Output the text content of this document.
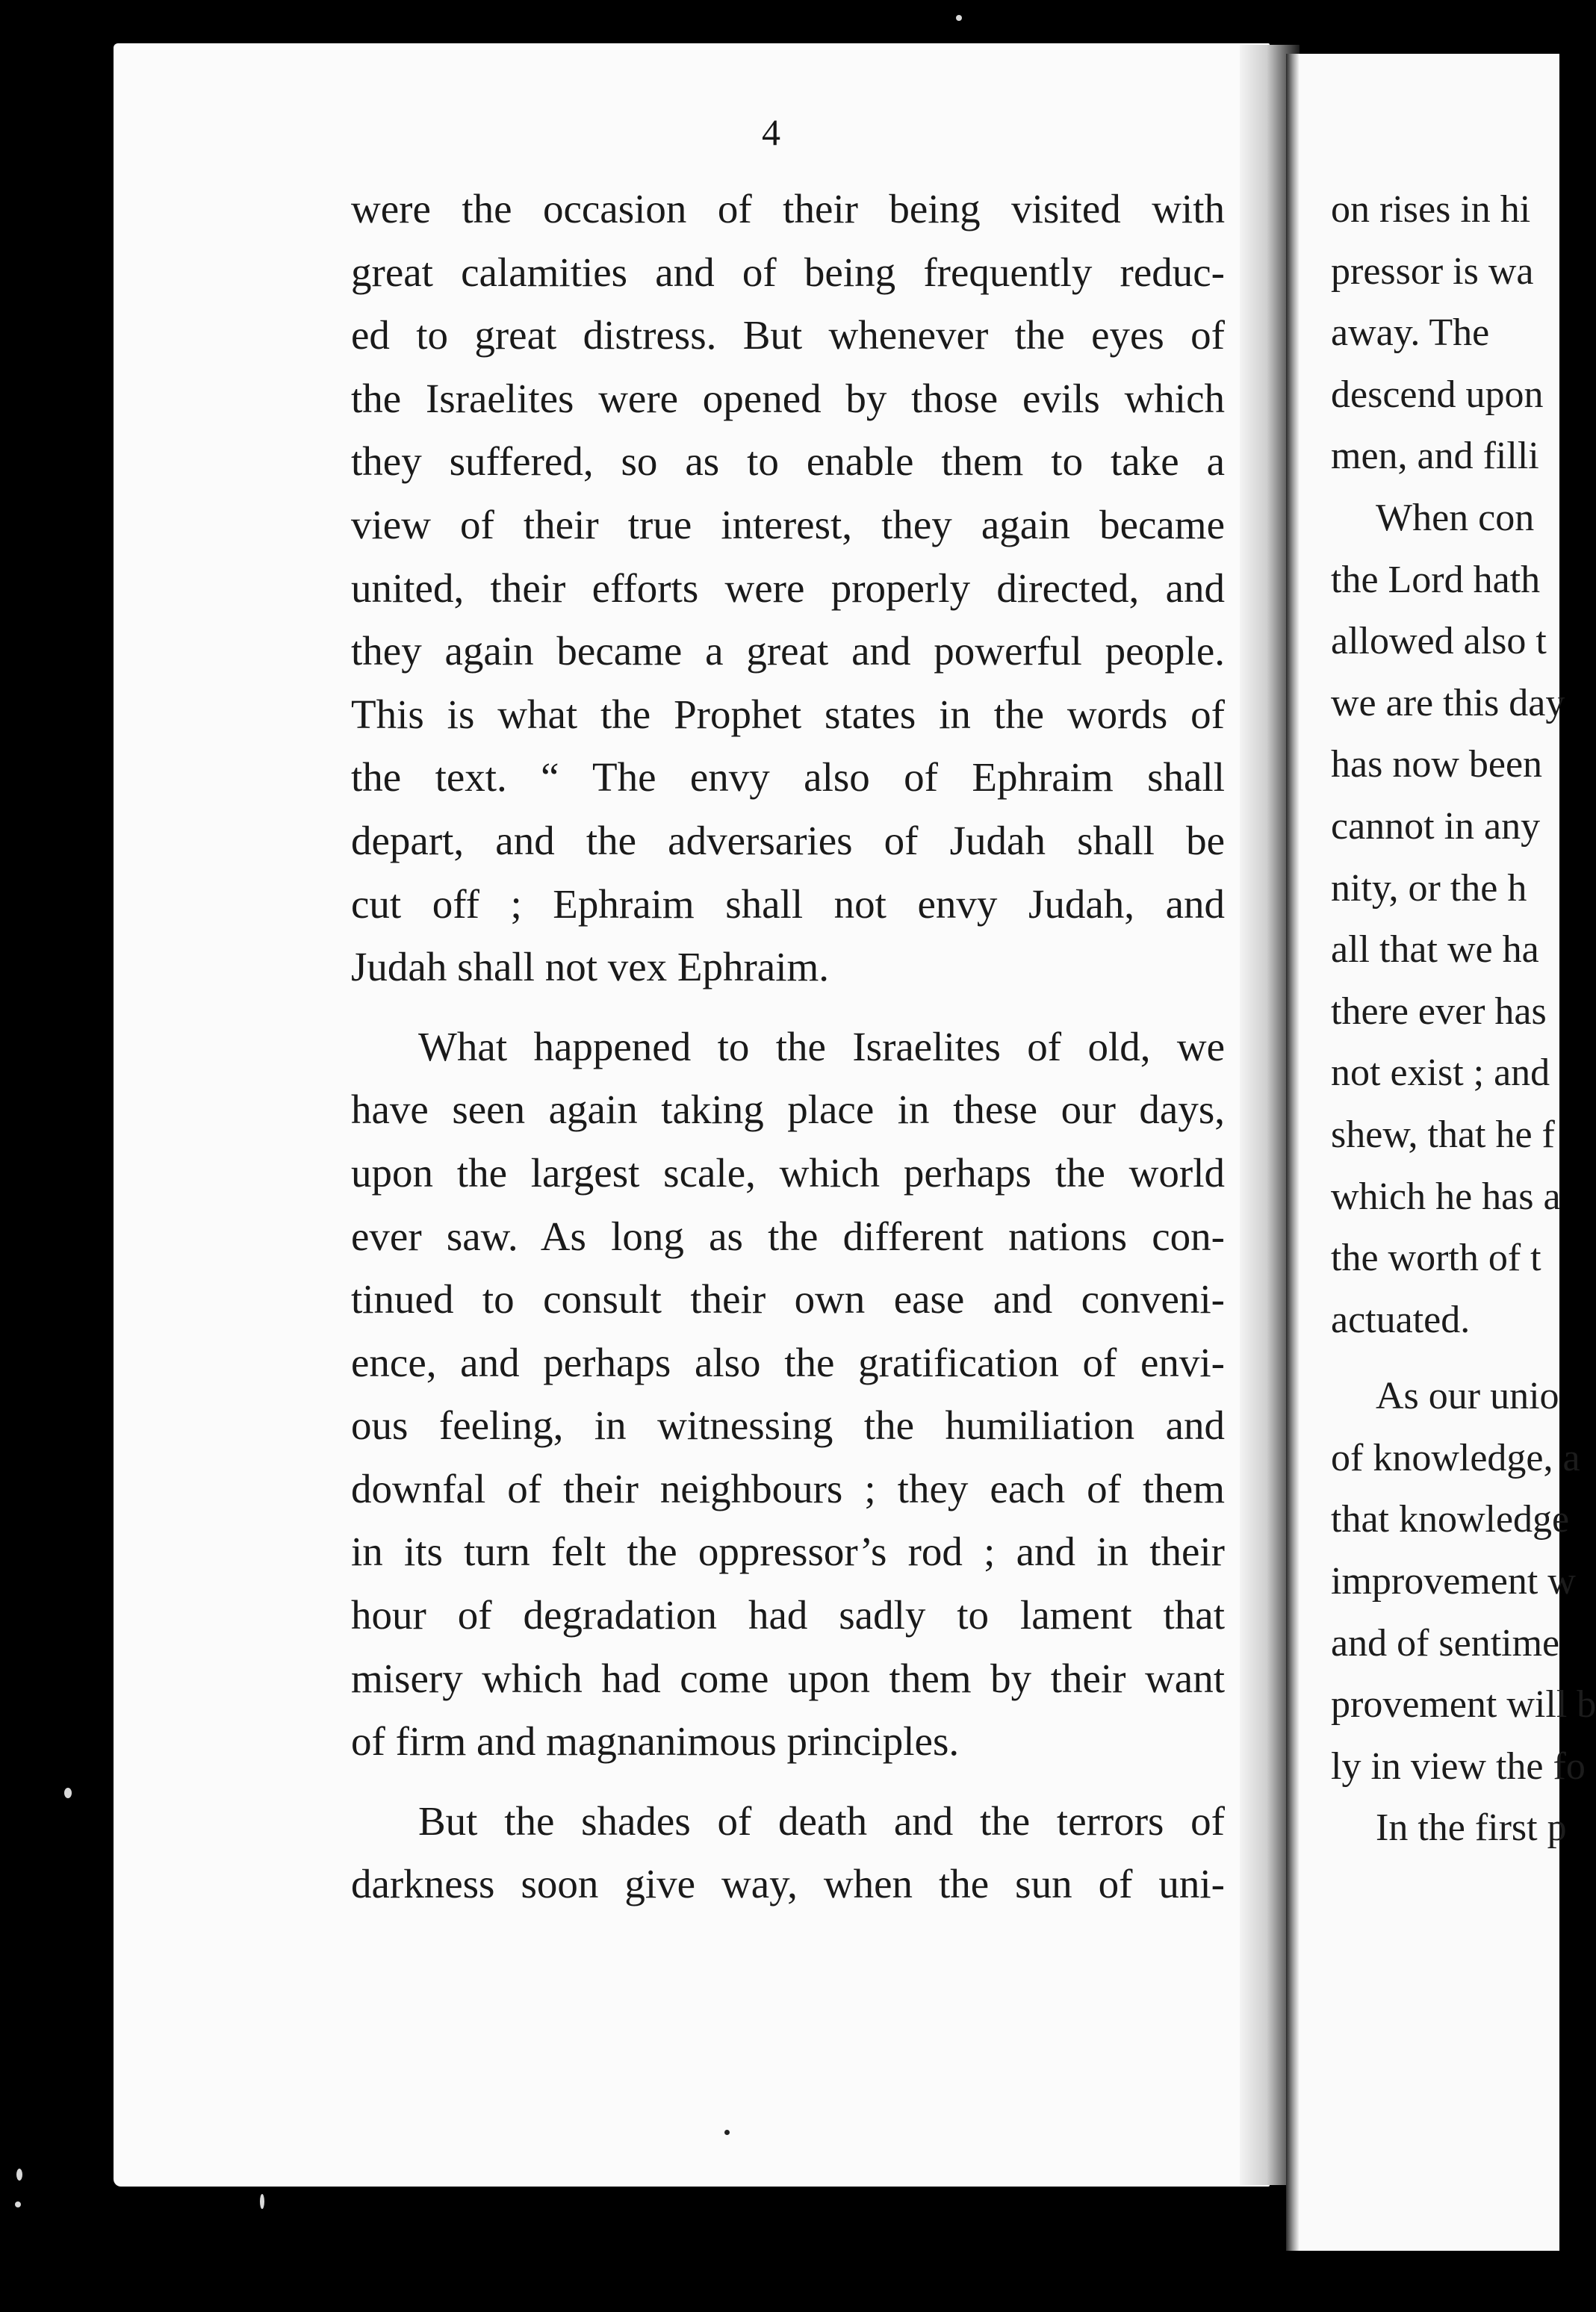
4
were the occasion of their being visited with
great calamities and of being frequently reduc-
ed to great distress. But whenever the eyes of
the Israelites were opened by those evils which
they suffered, so as to enable them to take a
view of their true interest, they again became
united, their efforts were properly directed, and
they again became a great and powerful people.
This is what the Prophet states in the words of
the text. “ The envy also of Ephraim shall
depart, and the adversaries of Judah shall be
cut off ; Ephraim shall not envy Judah, and
Judah shall not vex Ephraim.
What happened to the Israelites of old, we
have seen again taking place in these our days,
upon the largest scale, which perhaps the world
ever saw. As long as the different nations con-
tinued to consult their own ease and conveni-
ence, and perhaps also the gratification of envi-
ous feeling, in witnessing the humiliation and
downfal of their neighbours ; they each of them
in its turn felt the oppressor’s rod ; and in their
hour of degradation had sadly to lament that
misery which had come upon them by their want
of firm and magnanimous principles.
But the shades of death and the terrors of
darkness soon give way, when the sun of uni-
on rises in hi
pressor is wa
away. The
descend upon
men, and filli
When con
the Lord hath
allowed also t
we are this day
has now been
cannot in any
nity, or the h
all that we ha
there ever has
not exist ; and
shew, that he f
which he has a
the worth of t
actuated.
As our unio
of knowledge, a
that knowledge
improvement w
and of sentime
provement will b
ly in view the fo
In the first p
